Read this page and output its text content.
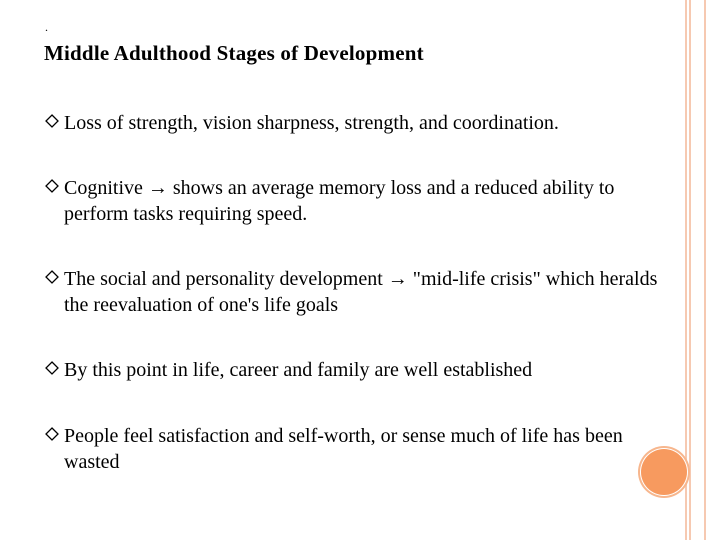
.
Middle Adulthood Stages of Development
Loss of strength, vision sharpness, strength, and coordination.
Cognitive → shows an average memory loss and a reduced ability to perform tasks requiring speed.
The social and personality development → "mid-life crisis" which heralds the reevaluation of one's life goals
By this point in life, career and family are well established
People feel satisfaction and self-worth, or sense much of life has been wasted
